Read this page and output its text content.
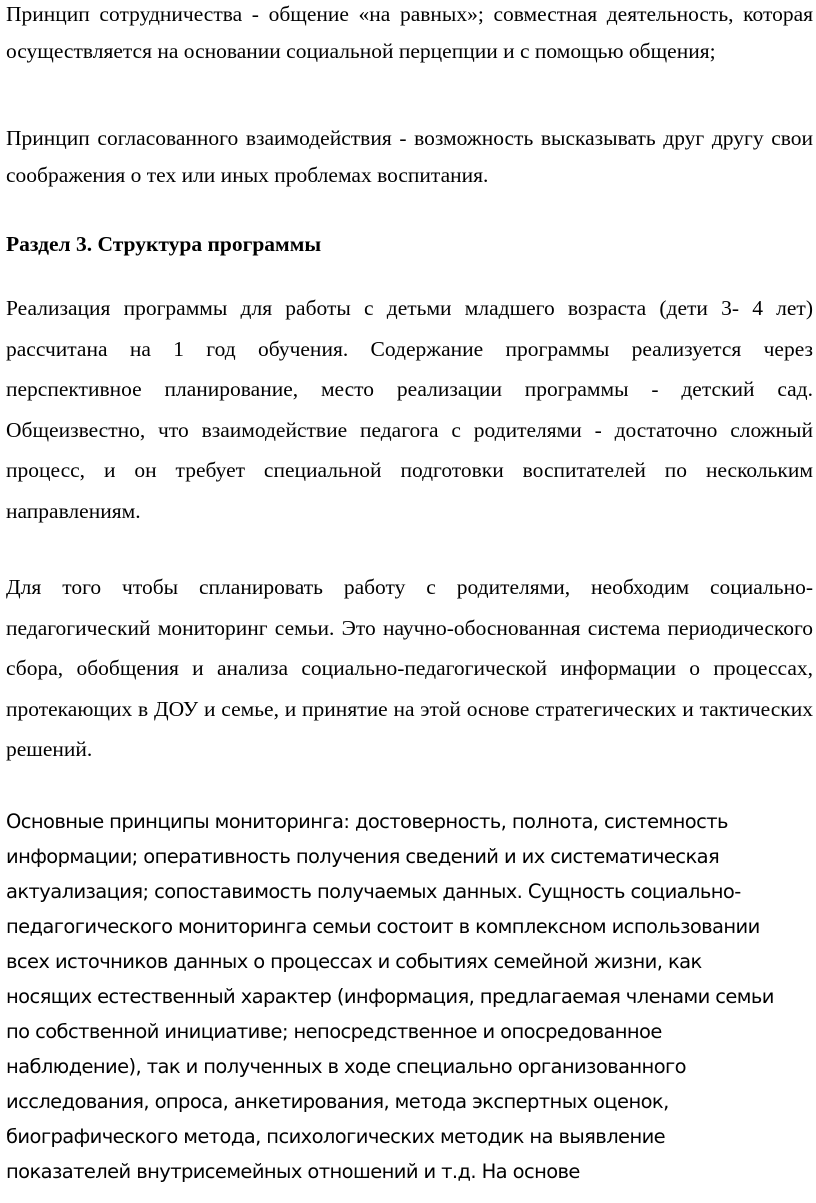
Принцип сотрудничества - общение «на равных»; совместная деятельность, которая осуществляется на основании социальной перцепции и с помощью общения;

Принцип согласованного взаимодействия - возможность высказывать друг другу свои соображения о тех или иных проблемах воспитания.

Раздел 3. Структура программы

Реализация программы для работы с детьми младшего возраста (дети 3- 4 лет) рассчитана на 1 год обучения. Содержание программы реализуется через перспективное планирование, место реализации программы - детский сад. Общеизвестно, что взаимодействие педагога с родителями - достаточно сложный процесс, и он требует специальной подготовки воспитателей по нескольким направлениям.

Для того чтобы спланировать работу с родителями, необходим социально-педагогический мониторинг семьи. Это научно-обоснованная система периодического сбора, обобщения и анализа социально-педагогической информации о процессах, протекающих в ДОУ и семье, и принятие на этой основе стратегических и тактических решений.

Основные принципы мониторинга: достоверность, полнота, системность
информации; оперативность получения сведений и их систематическая
актуализация; сопоставимость получаемых данных. Сущность социально-
педагогического мониторинга семьи состоит в комплексном использовании
всех источников данных о процессах и событиях семейной жизни, как
носящих естественный характер (информация, предлагаемая членами семьи
по собственной инициативе; непосредственное и опосредованное
наблюдение), так и полученных в ходе специально организованного
исследования, опроса, анкетирования, метода экспертных оценок,
биографического метода, психологических методик на выявление
показателей внутрисемейных отношений и т.д. На основе
